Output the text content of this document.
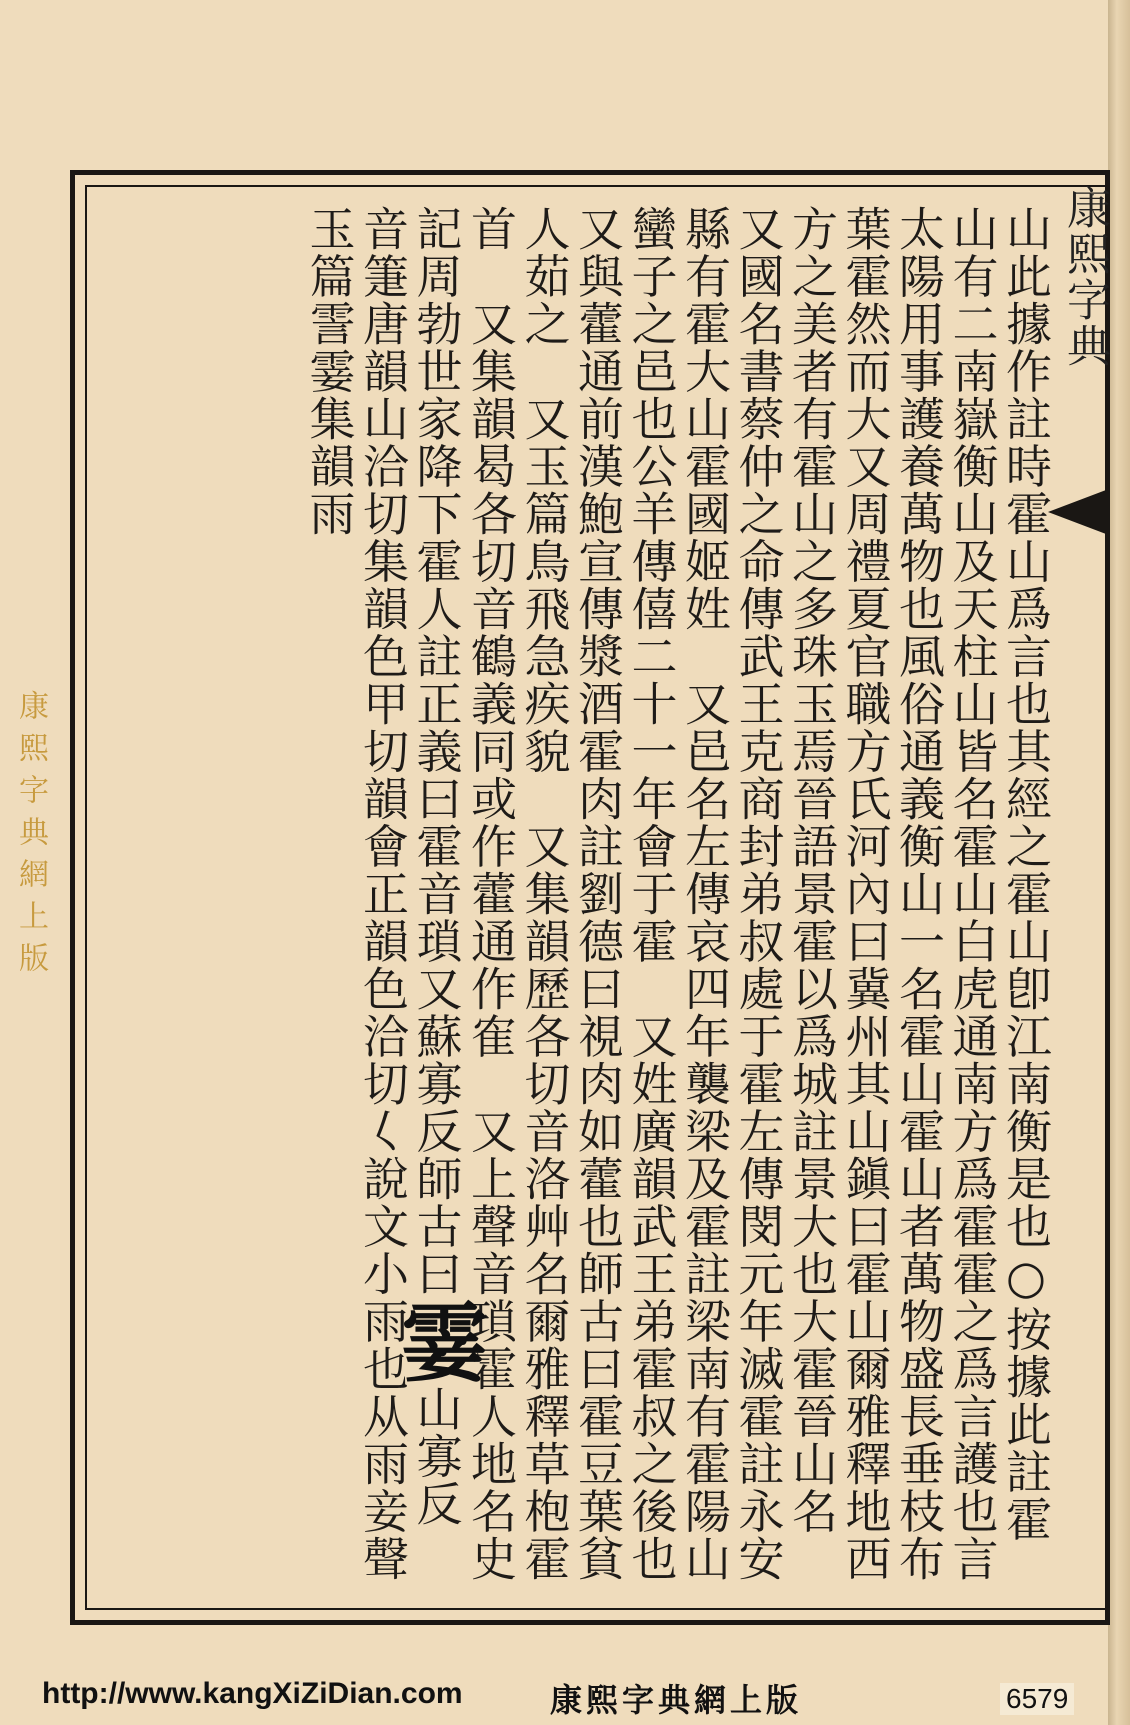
康熙字典
山此據作註時霍山爲言也其經之霍山卽江南衡是也○按據此註霍山有二南嶽衡山及天柱山皆名霍山白虎通南方爲霍霍之爲言護也言太陽用事護養萬物也風俗通義衡山一名霍山霍山者萬物盛長垂枝布葉霍然而大又周禮夏官職方氏河內曰冀州其山鎭曰霍山爾雅釋地西方之美者有霍山之多珠玉焉晉語景霍以爲城註景大也大霍晉山名　又國名書蔡仲之命傳武王克商封弟叔處于霍左傳閔元年滅霍註永安縣有霍大山霍國姬姓　又邑名左傳哀四年襲梁及霍註梁南有霍陽山蠻子之邑也公羊傳僖二十一年會于霍　又姓廣韻武王弟霍叔之後也　又與藿通前漢鮑宣傳漿酒霍肉註劉德曰視肉如藿也師古曰霍豆葉貧人茹之　又玉篇鳥飛急疾貌　又集韻歷各切音洛艸名爾雅釋草枹霍首　又集韻曷各切音鶴義同或作藿通作隺　又上聲音瑣霍人地名史記周勃世家降下霍人註正義曰霍音瑣又蘇寡反師古曰霎山寡反 音箑唐韻山洽切集韻色甲切韻會正韻色洽切𡿨說文小雨也从雨妾聲玉篇霅霎集韻雨
康熙字典網上版
http://www.kangXiZiDian.com	康熙字典網上版	6579
